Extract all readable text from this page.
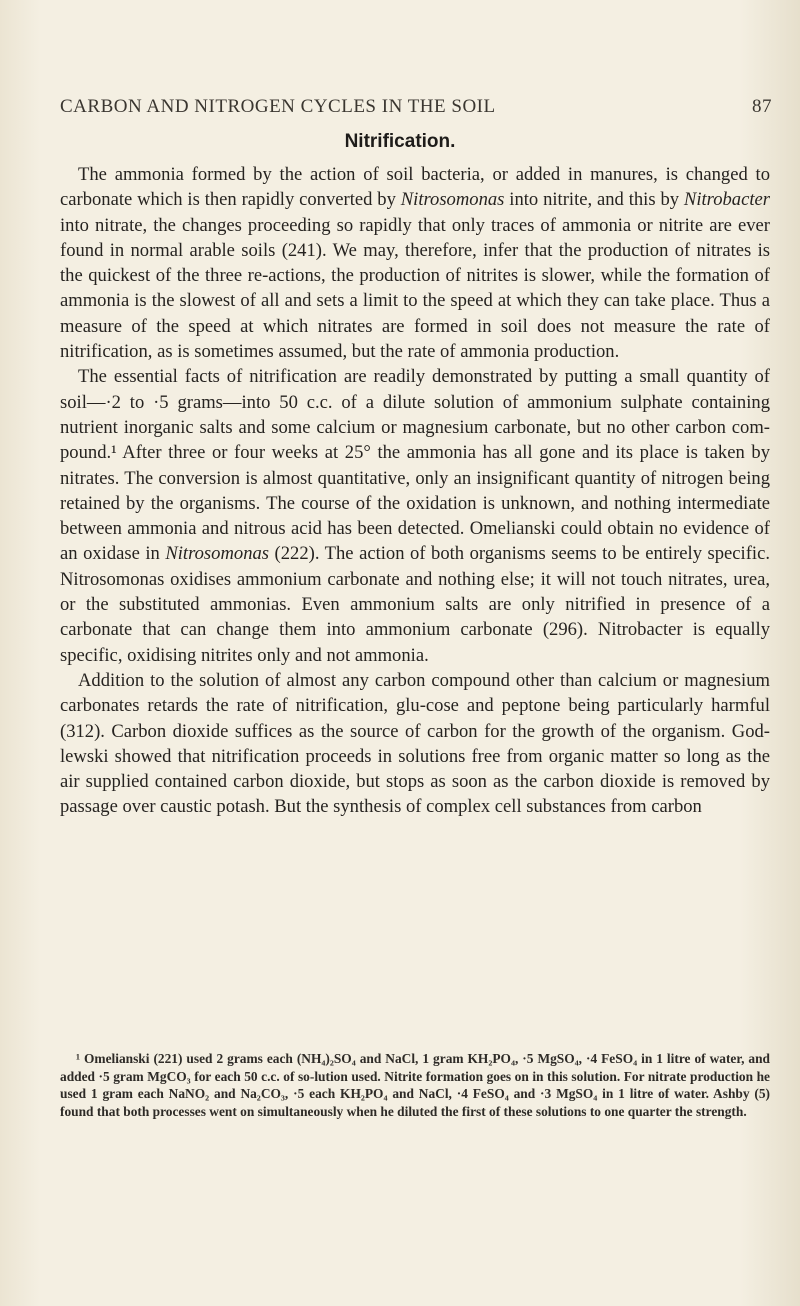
CARBON AND NITROGEN CYCLES IN THE SOIL	87
Nitrification.

The ammonia formed by the action of soil bacteria, or added in manures, is changed to carbonate which is then rapidly converted by Nitrosomonas into nitrite, and this by Nitrobacter into nitrate, the changes proceeding so rapidly that only traces of ammonia or nitrite are ever found in normal arable soils (241). We may, therefore, infer that the production of nitrates is the quickest of the three re-actions, the production of nitrites is slower, while the formation of ammonia is the slowest of all and sets a limit to the speed at which they can take place. Thus a measure of the speed at which nitrates are formed in soil does not measure the rate of nitrification, as is sometimes assumed, but the rate of ammonia production.

The essential facts of nitrification are readily demonstrated by putting a small quantity of soil—·2 to ·5 grams—into 50 c.c. of a dilute solution of ammonium sulphate containing nutrient inorganic salts and some calcium or magnesium carbonate, but no other carbon com-pound.¹ After three or four weeks at 25° the ammonia has all gone and its place is taken by nitrates. The conversion is almost quantitative, only an insignificant quantity of nitrogen being retained by the organisms. The course of the oxidation is unknown, and nothing intermediate between ammonia and nitrous acid has been detected. Omelianski could obtain no evidence of an oxidase in Nitrosomonas (222). The action of both organisms seems to be entirely specific. Nitrosomonas oxidises ammonium carbonate and nothing else; it will not touch nitrates, urea, or the substituted ammonias. Even ammonium salts are only nitrified in presence of a carbonate that can change them into ammonium carbonate (296). Nitrobacter is equally specific, oxidising nitrites only and not ammonia.

Addition to the solution of almost any carbon compound other than calcium or magnesium carbonates retards the rate of nitrification, glu-cose and peptone being particularly harmful (312). Carbon dioxide suffices as the source of carbon for the growth of the organism. God-lewski showed that nitrification proceeds in solutions free from organic matter so long as the air supplied contained carbon dioxide, but stops as soon as the carbon dioxide is removed by passage over caustic potash. But the synthesis of complex cell substances from carbon

¹ Omelianski (221) used 2 grams each (NH₄)₂SO₄ and NaCl, 1 gram KH₂PO₄, ·5 MgSO₄, ·4 FeSO₄ in 1 litre of water, and added ·5 gram MgCO₃ for each 50 c.c. of so-lution used. Nitrite formation goes on in this solution. For nitrate production he used 1 gram each NaNO₂ and Na₂CO₃, ·5 each KH₂PO₄ and NaCl, ·4 FeSO₄ and ·3 MgSO₄ in 1 litre of water. Ashby (5) found that both processes went on simultaneously when he diluted the first of these solutions to one quarter the strength.
